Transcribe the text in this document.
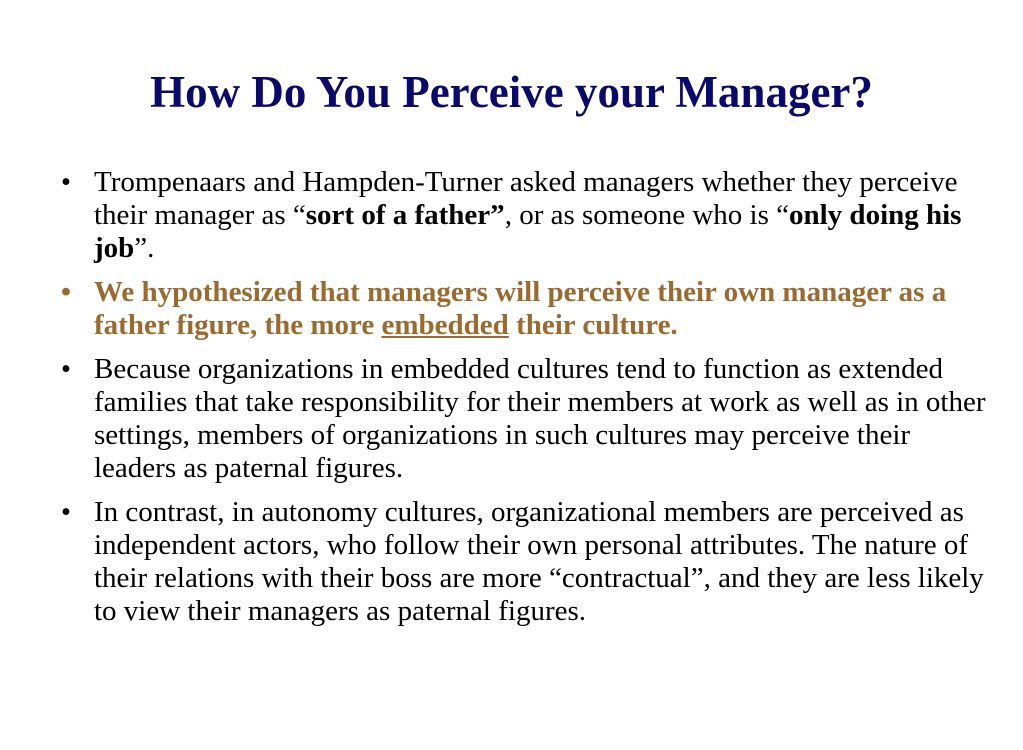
How Do You Perceive your Manager?
• Trompenaars and Hampden-Turner asked managers whether they perceive their manager as “sort of a father”, or as someone who is “only doing his job”.
• We hypothesized that managers will perceive their own manager as a father figure, the more embedded their culture.
• Because organizations in embedded cultures tend to function as extended families that take responsibility for their members at work as well as in other settings, members of organizations in such cultures may perceive their leaders as paternal figures.
• In contrast, in autonomy cultures, organizational members are perceived as independent actors, who follow their own personal attributes. The nature of their relations with their boss are more “contractual”, and they are less likely to view their managers as paternal figures.
